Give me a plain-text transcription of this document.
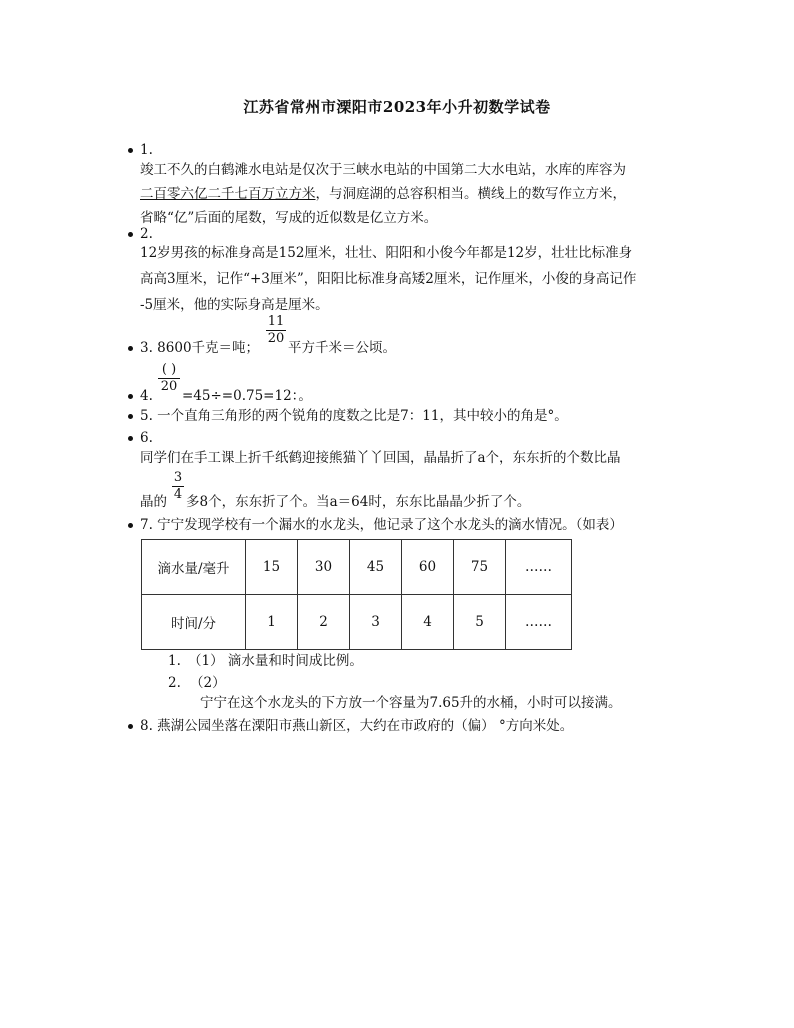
江苏省常州市溧阳市2023年小升初数学试卷
1.
竣工不久的白鹤滩水电站是仅次于三峡水电站的中国第二大水电站，水库的库容为
二百零六亿二千七百万立方米，与洞庭湖的总容积相当。横线上的数写作立方米，
省略“亿”后面的尾数，写成的近似数是亿立方米。
2.
12岁男孩的标准身高是152厘米，壮壮、阳阳和小俊今年都是12岁，壮壮比标准身
高高3厘米，记作“+3厘米”，阳阳比标准身高矮2厘米，记作厘米，小俊的身高记作
-5厘米，他的实际身高是厘米。
3. 8600千克＝吨；
$\frac{11}{20}$
平方千米＝公顷。
4.
( )
20
=45÷=0.75=12：。
5. 一个直角三角形的两个锐角的度数之比是7：11，其中较小的角是°。
6.
同学们在手工课上折千纸鹤迎接熊猫丫丫回国，晶晶折了a个，东东折的个数比晶
晶的 $\frac{3}{4}$ 多8个，东东折了个。当a＝64时，东东比晶晶少折了个。
7. 宁宁发现学校有一个漏水的水龙头，他记录了这个水龙头的滴水情况。（如表）
滴水量/毫升	15	30	45	60	75	……
时间/分	1	2	3	4	5	……
1. （1） 滴水量和时间成比例。
2. （2）
宁宁在这个水龙头的下方放一个容量为7.65升的水桶，小时可以接满。
8. 燕湖公园坐落在溧阳市燕山新区，大约在市政府的（偏） °方向米处。
